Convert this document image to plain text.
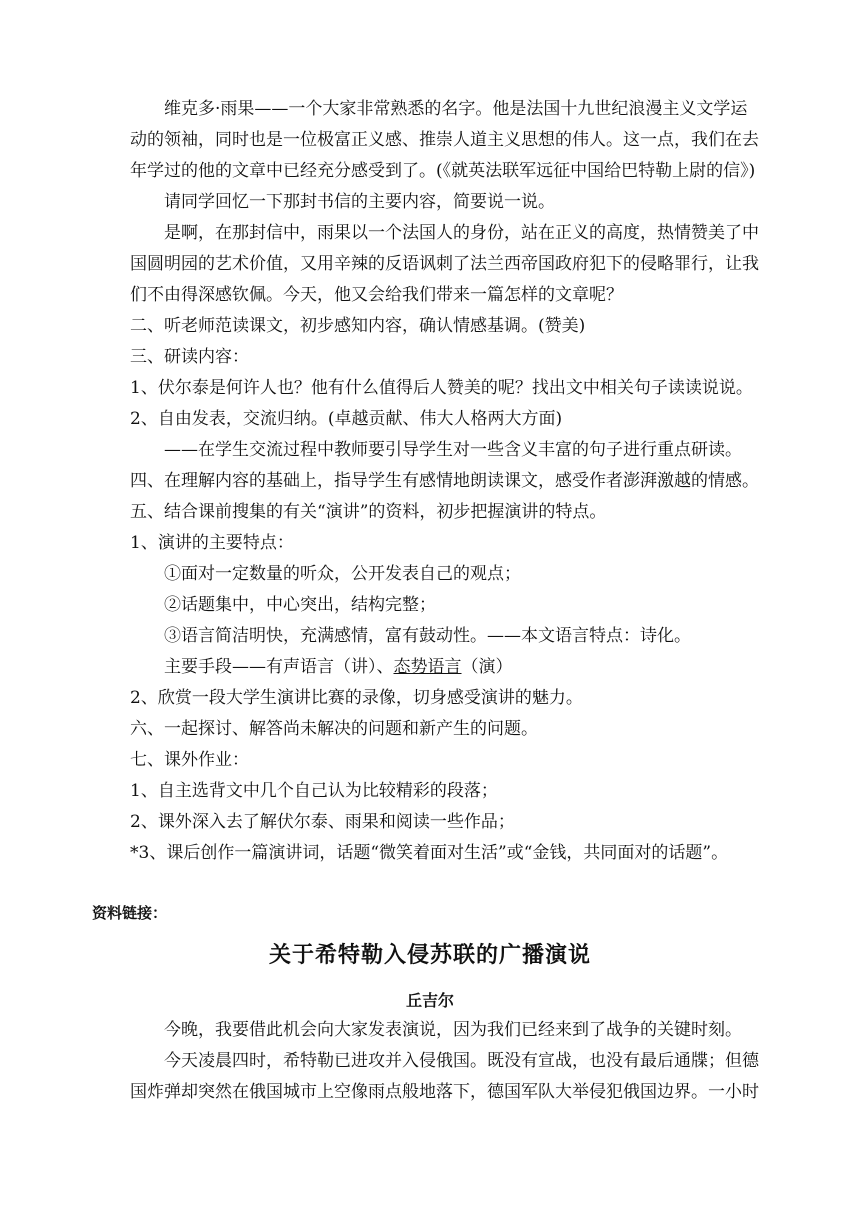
维克多·雨果——一个大家非常熟悉的名字。他是法国十九世纪浪漫主义文学运
动的领袖，同时也是一位极富正义感、推崇人道主义思想的伟人。这一点，我们在去
年学过的他的文章中已经充分感受到了。(《就英法联军远征中国给巴特勒上尉的信》)
请同学回忆一下那封书信的主要内容，简要说一说。
是啊，在那封信中，雨果以一个法国人的身份，站在正义的高度，热情赞美了中
国圆明园的艺术价值，又用辛辣的反语讽刺了法兰西帝国政府犯下的侵略罪行，让我
们不由得深感钦佩。今天，他又会给我们带来一篇怎样的文章呢？
二、听老师范读课文，初步感知内容，确认情感基调。(赞美)
三、研读内容：
1、伏尔泰是何许人也？他有什么值得后人赞美的呢？找出文中相关句子读读说说。
2、自由发表，交流归纳。(卓越贡献、伟大人格两大方面)
——在学生交流过程中教师要引导学生对一些含义丰富的句子进行重点研读。
四、在理解内容的基础上，指导学生有感情地朗读课文，感受作者澎湃激越的情感。
五、结合课前搜集的有关“演讲”的资料，初步把握演讲的特点。
1、演讲的主要特点：
①面对一定数量的听众，公开发表自己的观点；
②话题集中，中心突出，结构完整；
③语言简洁明快，充满感情，富有鼓动性。——本文语言特点：诗化。
主要手段——有声语言（讲）、态势语言（演）
2、欣赏一段大学生演讲比赛的录像，切身感受演讲的魅力。
六、一起探讨、解答尚未解决的问题和新产生的问题。
七、课外作业：
1、自主选背文中几个自己认为比较精彩的段落；
2、课外深入去了解伏尔泰、雨果和阅读一些作品；
*3、课后创作一篇演讲词，话题“微笑着面对生活”或“金钱，共同面对的话题”。
资料链接：
关于希特勒入侵苏联的广播演说
丘吉尔
今晚，我要借此机会向大家发表演说，因为我们已经来到了战争的关键时刻。
今天凌晨四时，希特勒已进攻并入侵俄国。既没有宣战，也没有最后通牒；但德
国炸弹却突然在俄国城市上空像雨点般地落下，德国军队大举侵犯俄国边界。一小时
